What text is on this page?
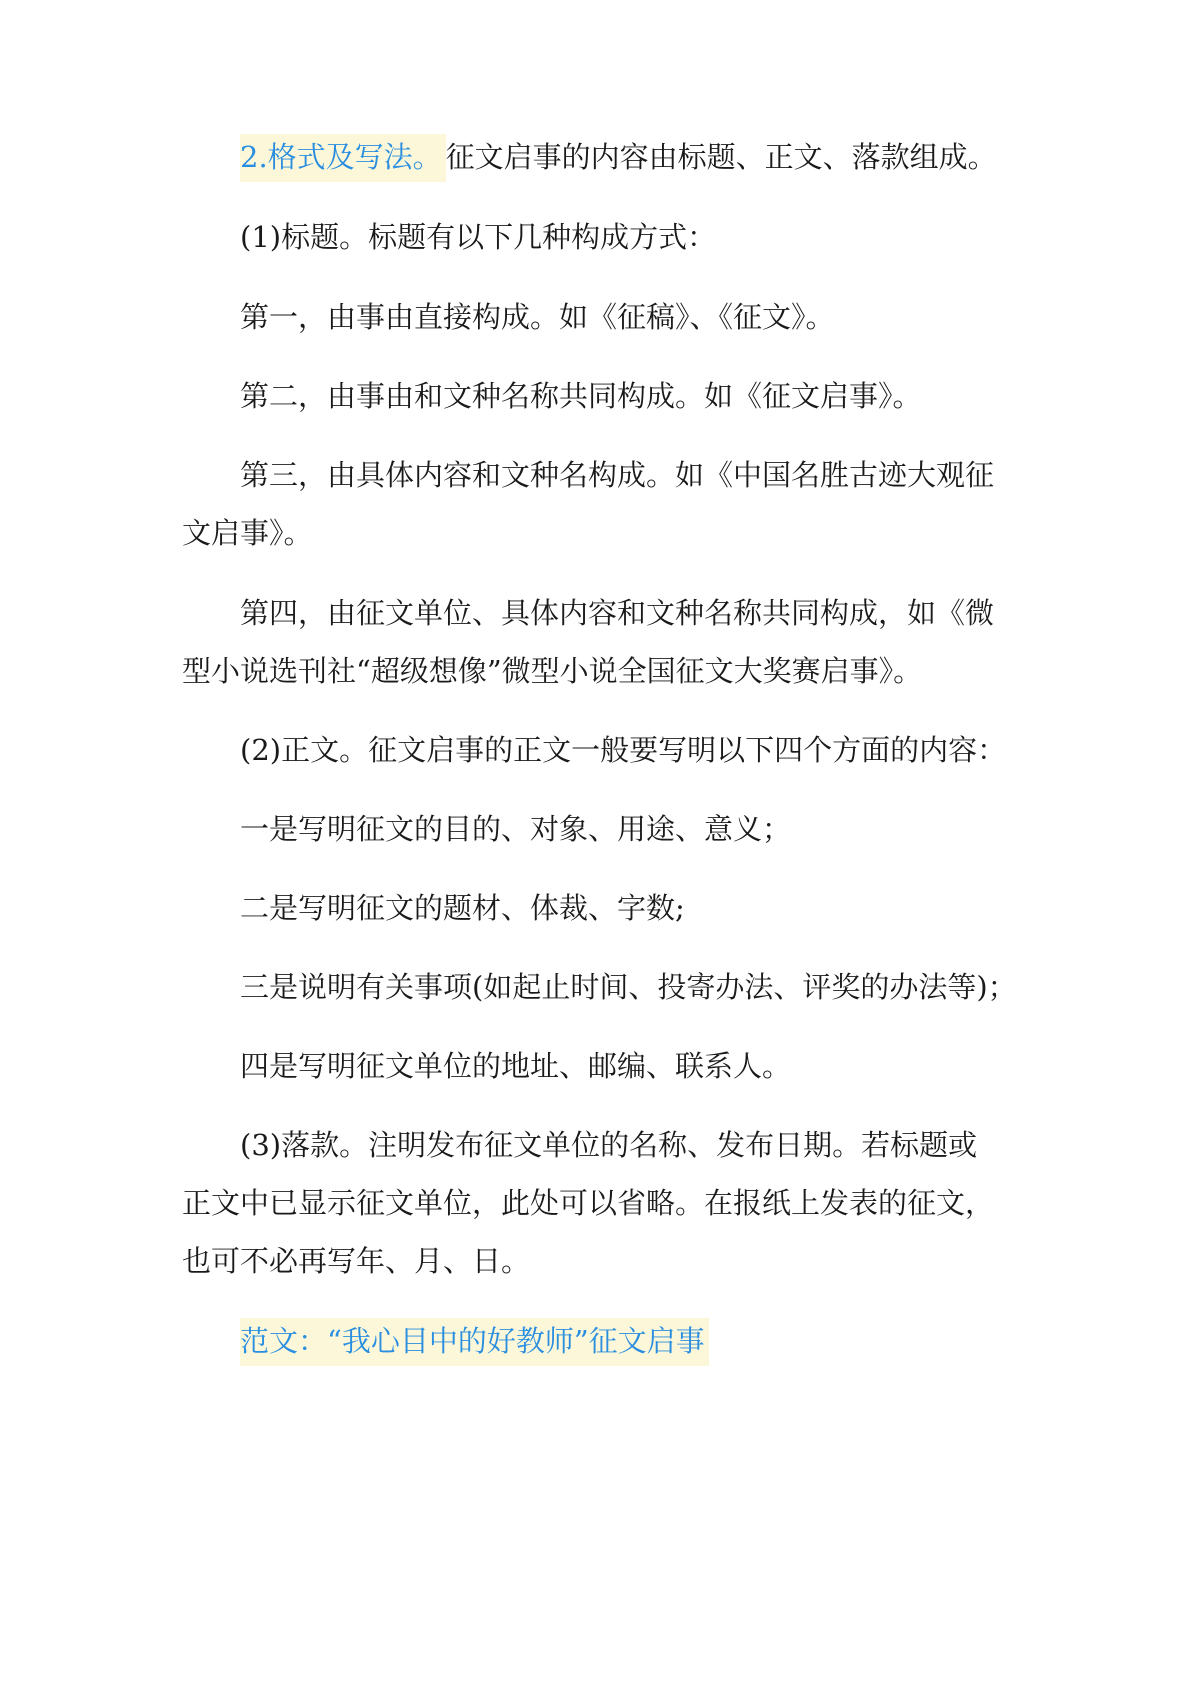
2.格式及写法。 征文启事的内容由标题、正文、落款组成。

(1)标题。标题有以下几种构成方式：

第一，由事由直接构成。如《征稿》、《征文》。

第二，由事由和文种名称共同构成。如《征文启事》。

第三，由具体内容和文种名构成。如《中国名胜古迹大观征

文启事》。

第四，由征文单位、具体内容和文种名称共同构成，如《微

型小说选刊社“超级想像”微型小说全国征文大奖赛启事》。

(2)正文。征文启事的正文一般要写明以下四个方面的内容：

一是写明征文的目的、对象、用途、意义；

二是写明征文的题材、体裁、字数;

三是说明有关事项(如起止时间、投寄办法、评奖的办法等)；

四是写明征文单位的地址、邮编、联系人。

(3)落款。注明发布征文单位的名称、发布日期。若标题或

正文中已显示征文单位，此处可以省略。在报纸上发表的征文，

也可不必再写年、月、日。

范文：“我心目中的好教师”征文启事
